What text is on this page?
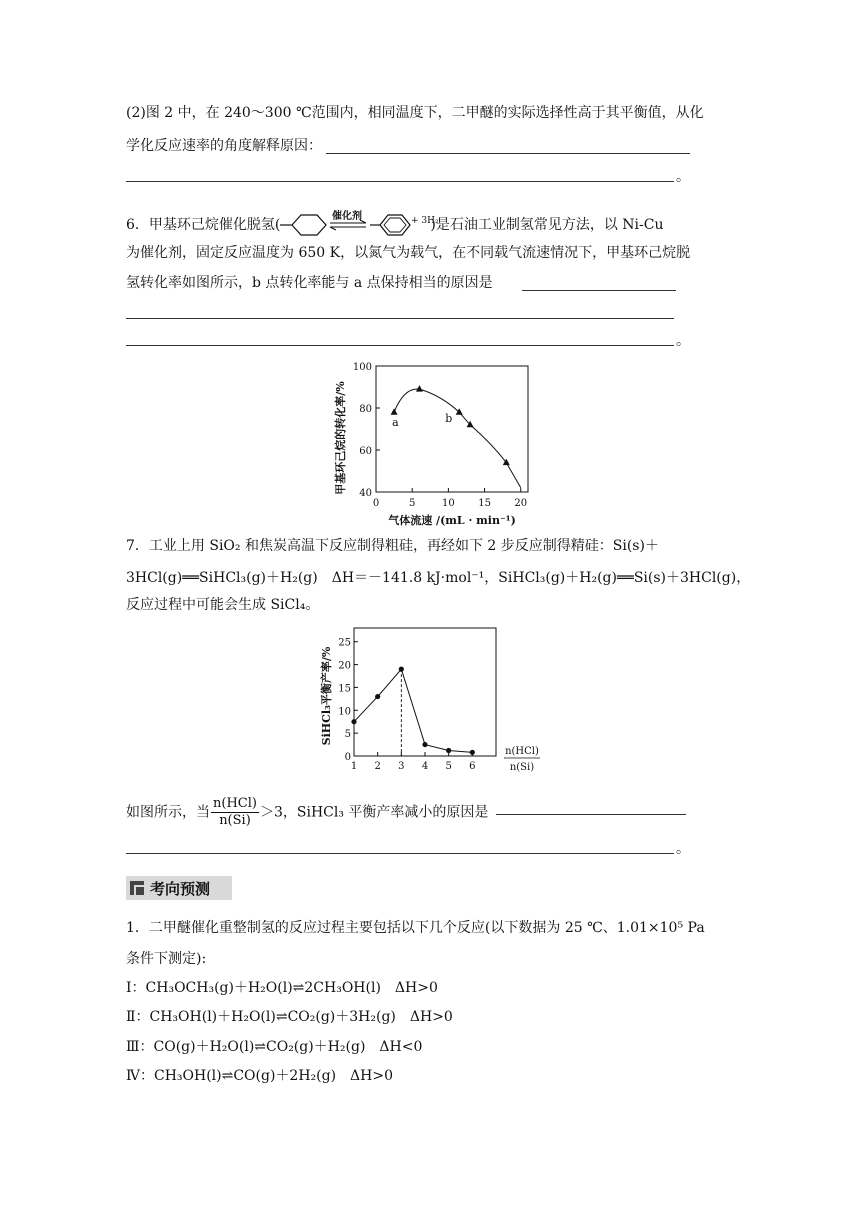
(2)图 2 中，在 240～300 ℃范围内，相同温度下，二甲醚的实际选择性高于其平衡值，从化
学化反应速率的角度解释原因：
。
6．甲基环己烷催化脱氢(
催化剂	+ 3H₂
)是石油工业制氢常见方法，以 Ni-Cu
为催化剂，固定反应温度为 650 K，以氮气为载气，在不同载气流速情况下，甲基环己烷脱
氢转化率如图所示，b 点转化率能与 a 点保持相当的原因是
。
甲基环己烷的转化率/%
100
80
60
40
0	5	10 15 20
a	b
气体流速 /(mL · min⁻¹)
7．工业上用 SiO₂ 和焦炭高温下反应制得粗硅，再经如下 2 步反应制得精硅：Si(s)＋
3HCl(g)══SiHCl₃(g)＋H₂(g)　ΔH＝－141.8 kJ·mol⁻¹，SiHCl₃(g)＋H₂(g)══Si(s)＋3HCl(g)，
反应过程中可能会生成 SiCl₄。
SiHCl₃平衡产率/%
25
20
15
10
5
0
1 2 3 4 5 6
n(HCl)
n(Si)
如图所示，当 $\frac{\text{n(HCl)}}{n(Si)} >3$，SiHCl₃ 平衡产率减小的原因是
。
考向预测
1．二甲醚催化重整制氢的反应过程主要包括以下几个反应(以下数据为 25 ℃、1.01×10⁵ Pa
条件下测定):
Ⅰ：CH₃OCH₃(g)＋H₂O(l)⇌2CH₃OH(l)　ΔH>0
Ⅱ：CH₃OH(l)＋H₂O(l)⇌CO₂(g)＋3H₂(g)　ΔH>0
Ⅲ：CO(g)＋H₂O(l)⇌CO₂(g)＋H₂(g)　ΔH<0
Ⅳ：CH₃OH(l)⇌CO(g)＋2H₂(g)　ΔH>0
